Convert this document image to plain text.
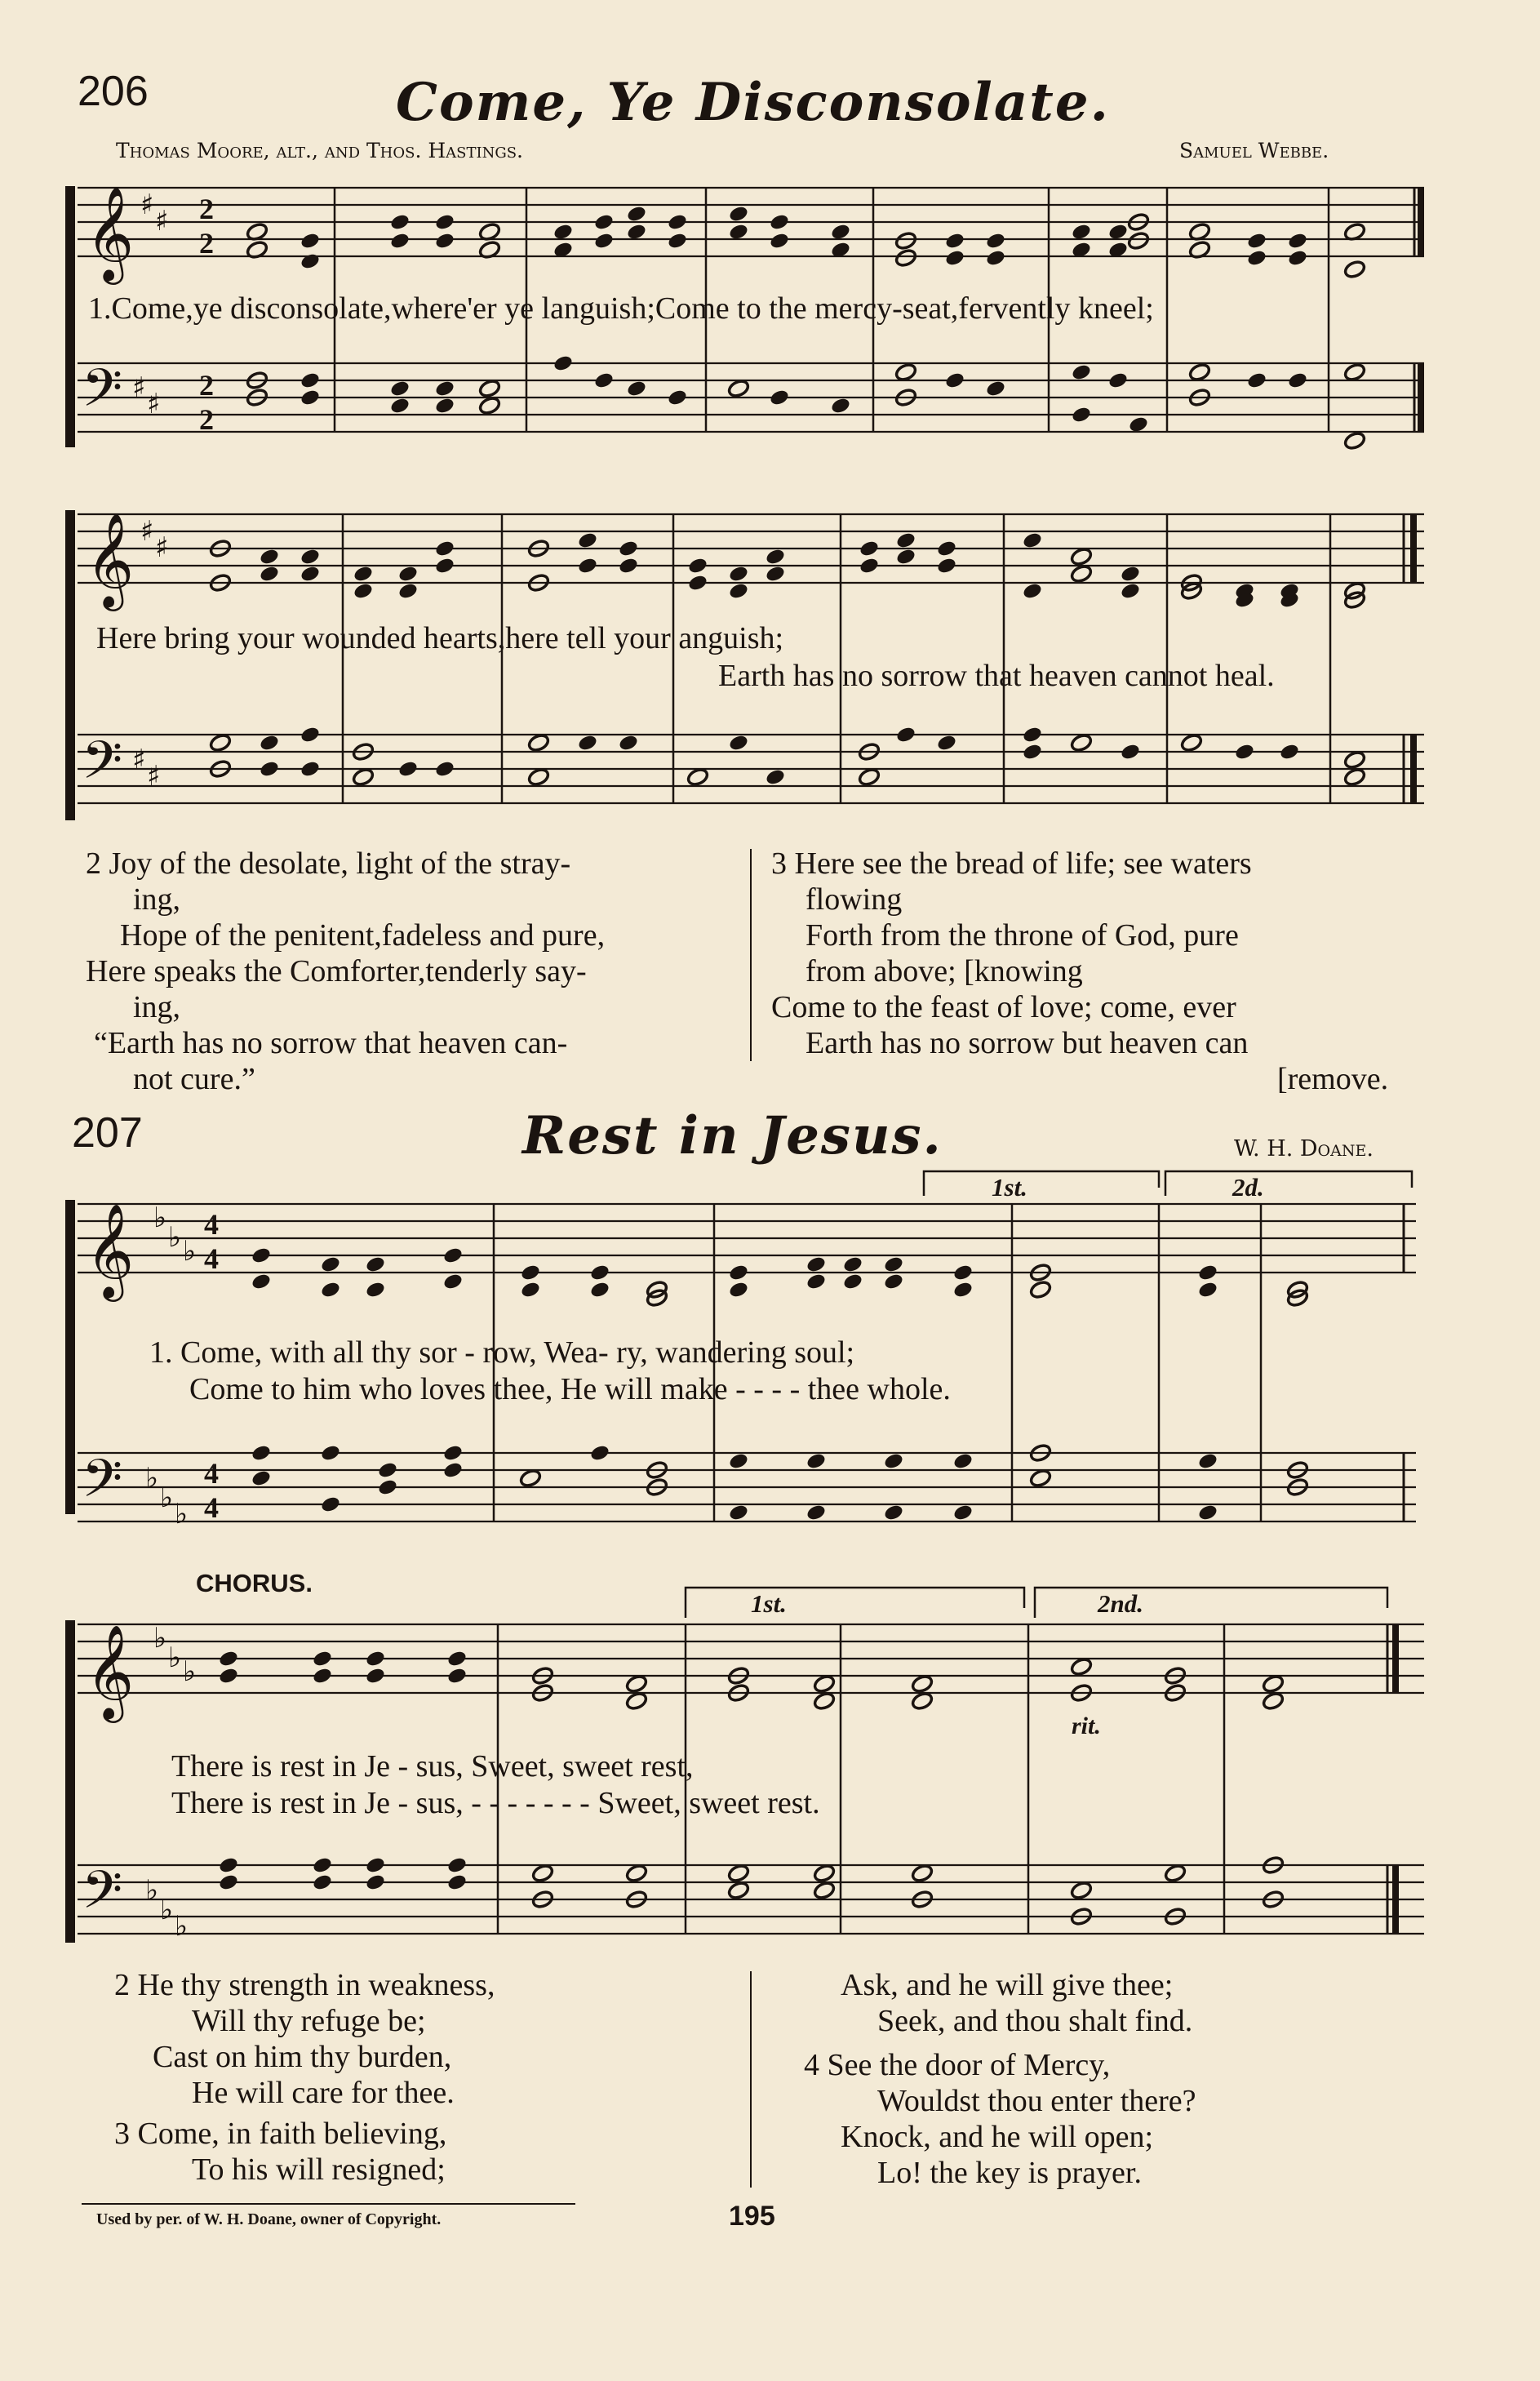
206	Come, Ye Disconsolate.
Thomas Moore, alt., and Thos. Hastings.	Samuel Webbe.
𝄞
𝄢
♯ ♯
♯ ♯
2
2
2
2
𝄞
𝄢
♯ ♯
♯ ♯
𝄞
𝄢
♭
♭ ♭
♭
♭ ♭
4
4
4
4
𝄞
𝄢
♭
♭ ♭
♭
♭ ♭
1.Come,ye disconsolate,where'er ye languish;Come to the mercy-seat,fervently kneel;
Here bring your wounded hearts,here tell your anguish;
Earth has no sorrow that heaven cannot heal.
2 Joy of the desolate, light of the stray-
ing,
Hope of the penitent,fadeless and pure,
Here speaks the Comforter,tenderly say-
ing,
“Earth has no sorrow that heaven can-
not cure.”
3 Here see the bread of life; see waters
flowing
Forth from the throne of God, pure
from above; [knowing
Come to the feast of love; come, ever
Earth has no sorrow but heaven can
[remove.
207	Rest in Jesus.	W. H. Doane.
1st.	2d.
1. Come, with all thy sor - row, Wea- ry, wandering soul;
Come to him who loves thee, He will make - - - - thee whole.
CHORUS.
1st.	2nd.
rit.
There is rest in Je - sus, Sweet, sweet rest,
There is rest in Je - sus, - - - - - - - Sweet, sweet rest.
2 He thy strength in weakness,
Will thy refuge be;
Cast on him thy burden,
He will care for thee.
3 Come, in faith believing,
To his will resigned;
Ask, and he will give thee;
Seek, and thou shalt find.
4 See the door of Mercy,
Wouldst thou enter there?
Knock, and he will open;
Lo! the key is prayer.
Used by per. of W. H. Doane, owner of Copyright.	195
